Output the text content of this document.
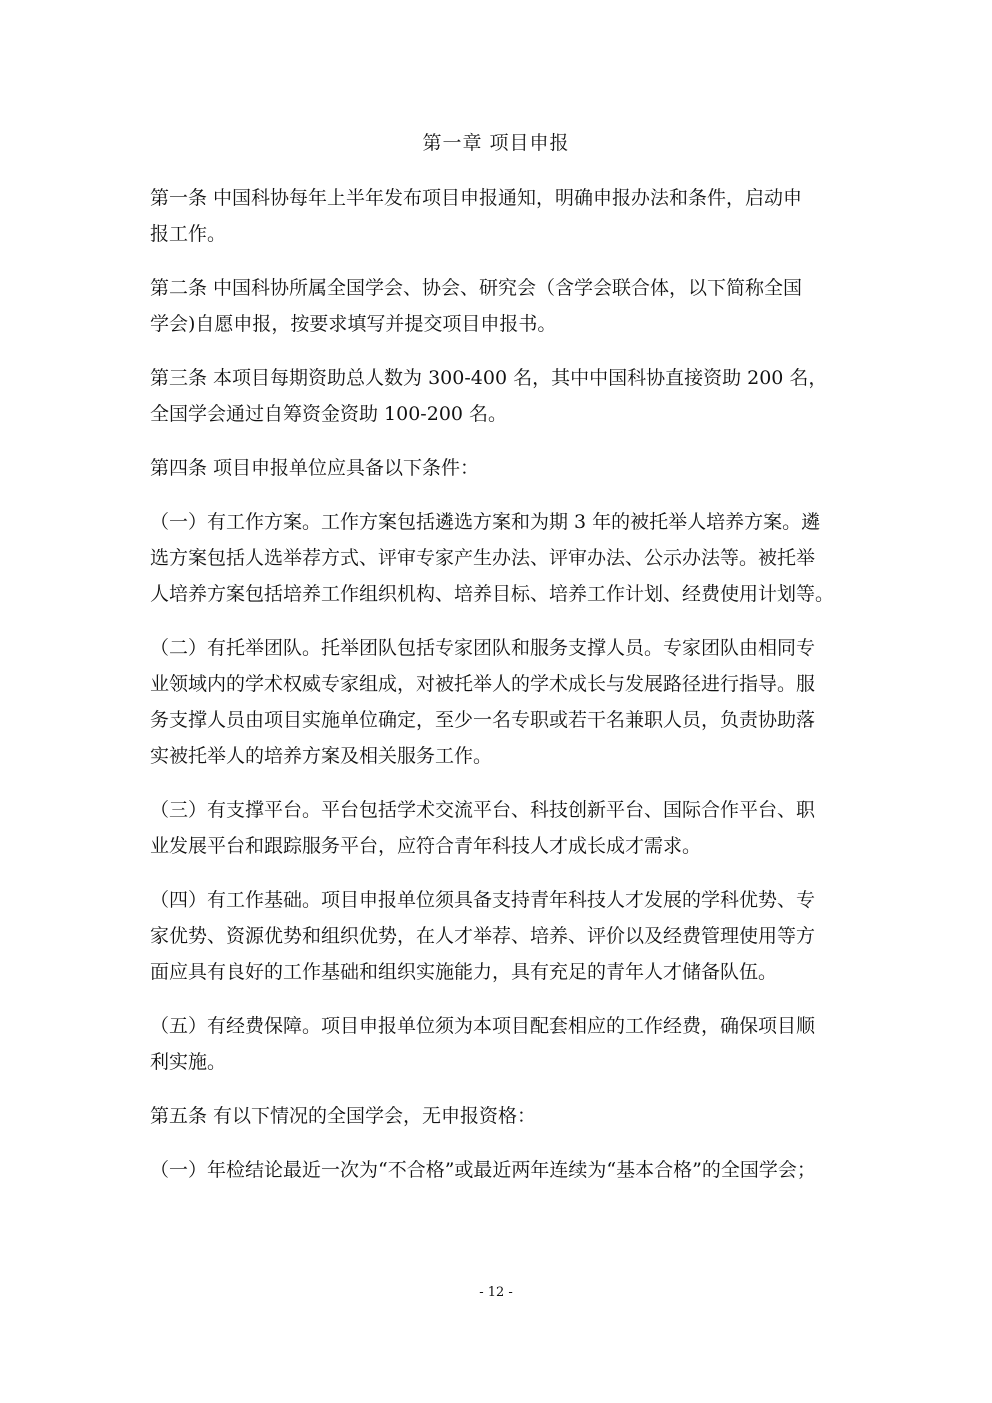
第一章 项目申报
第一条 中国科协每年上半年发布项目申报通知，明确申报办法和条件，启动申
报工作。
第二条 中国科协所属全国学会、协会、研究会（含学会联合体，以下简称全国
学会)自愿申报，按要求填写并提交项目申报书。
第三条 本项目每期资助总人数为 300-400 名，其中中国科协直接资助 200 名，
全国学会通过自筹资金资助 100-200 名。
第四条 项目申报单位应具备以下条件：
（一）有工作方案。工作方案包括遴选方案和为期 3 年的被托举人培养方案。遴
选方案包括人选举荐方式、评审专家产生办法、评审办法、公示办法等。被托举
人培养方案包括培养工作组织机构、培养目标、培养工作计划、经费使用计划等。
（二）有托举团队。托举团队包括专家团队和服务支撑人员。专家团队由相同专
业领域内的学术权威专家组成，对被托举人的学术成长与发展路径进行指导。服
务支撑人员由项目实施单位确定，至少一名专职或若干名兼职人员，负责协助落
实被托举人的培养方案及相关服务工作。
（三）有支撑平台。平台包括学术交流平台、科技创新平台、国际合作平台、职
业发展平台和跟踪服务平台，应符合青年科技人才成长成才需求。
（四）有工作基础。项目申报单位须具备支持青年科技人才发展的学科优势、专
家优势、资源优势和组织优势，在人才举荐、培养、评价以及经费管理使用等方
面应具有良好的工作基础和组织实施能力，具有充足的青年人才储备队伍。
（五）有经费保障。项目申报单位须为本项目配套相应的工作经费，确保项目顺
利实施。
第五条 有以下情况的全国学会，无申报资格：
（一）年检结论最近一次为“不合格”或最近两年连续为“基本合格”的全国学会；
- 12 -
